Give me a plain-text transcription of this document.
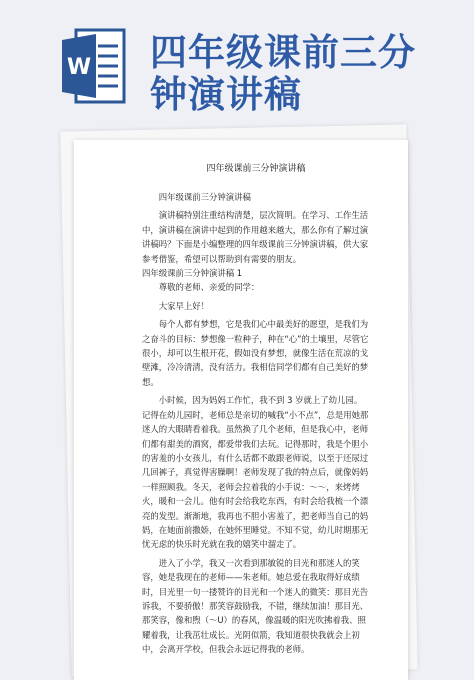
W 四年级课前三分钟演讲稿
四年级课前三分钟演讲稿

四年级课前三分钟演讲稿

演讲稿特别注重结构清楚，层次简明。在学习、工作生活中，演讲稿在演讲中起到的作用越来越大，那么你有了解过演讲稿吗？下面是小编整理的四年级课前三分钟演讲稿，供大家参考借鉴，希望可以帮助到有需要的朋友。

四年级课前三分钟演讲稿 1

尊敬的老师、亲爱的同学：

大家早上好！

每个人都有梦想，它是我们心中最美好的愿望，是我们为之奋斗的目标：梦想像一粒种子，种在“心”的土壤里，尽管它很小，却可以生根开花，假如没有梦想，就像生活在荒凉的戈壁滩，冷冷清清，没有活力。我相信同学们都有自己美好的梦想。

小时候，因为妈妈工作忙，我不到 3 岁就上了幼儿园。记得在幼儿园时，老师总是亲切的喊我“小不点”，总是用她那迷人的大眼睛看着我。虽然换了几个老师，但是我心中，老师们都有甜美的酒窝，都爱带我们去玩。记得那时，我是个胆小的害羞的小女孩儿，有什么话都不敢跟老师说，以至于还尿过几回裤子，真觉得害臊啊！老师发现了我的特点后，就像妈妈一样照顾我。冬天，老师会拉着我的小手说：～～，来烤烤火，暖和一会儿。他有时会给我吃东西，有时会给我梳一个漂亮的发型。渐渐地，我再也不胆小害羞了，把老师当自己的妈妈，在她面前撒娇，在她怀里睡觉。不知不觉，幼儿时期那无忧无虑的快乐时光就在我的嬉笑中溜走了。

进入了小学，我又一次看到那敏锐的目光和那迷人的笑容，她是我现在的老师——朱老师。她总爱在我取得好成绩时，目光里一句一搂赞许的目光和一个迷人的微笑：那目光告诉我，不要骄傲！那笑容鼓励我，不错，继续加油！那目光、那笑容，像和煦（～U）的春风，像温暖的阳光吹拂着我、照耀着我，让我茁壮成长。光阴似箭，我知道很快我就会上初中，会离开学校，但我会永远记得我的老师。
